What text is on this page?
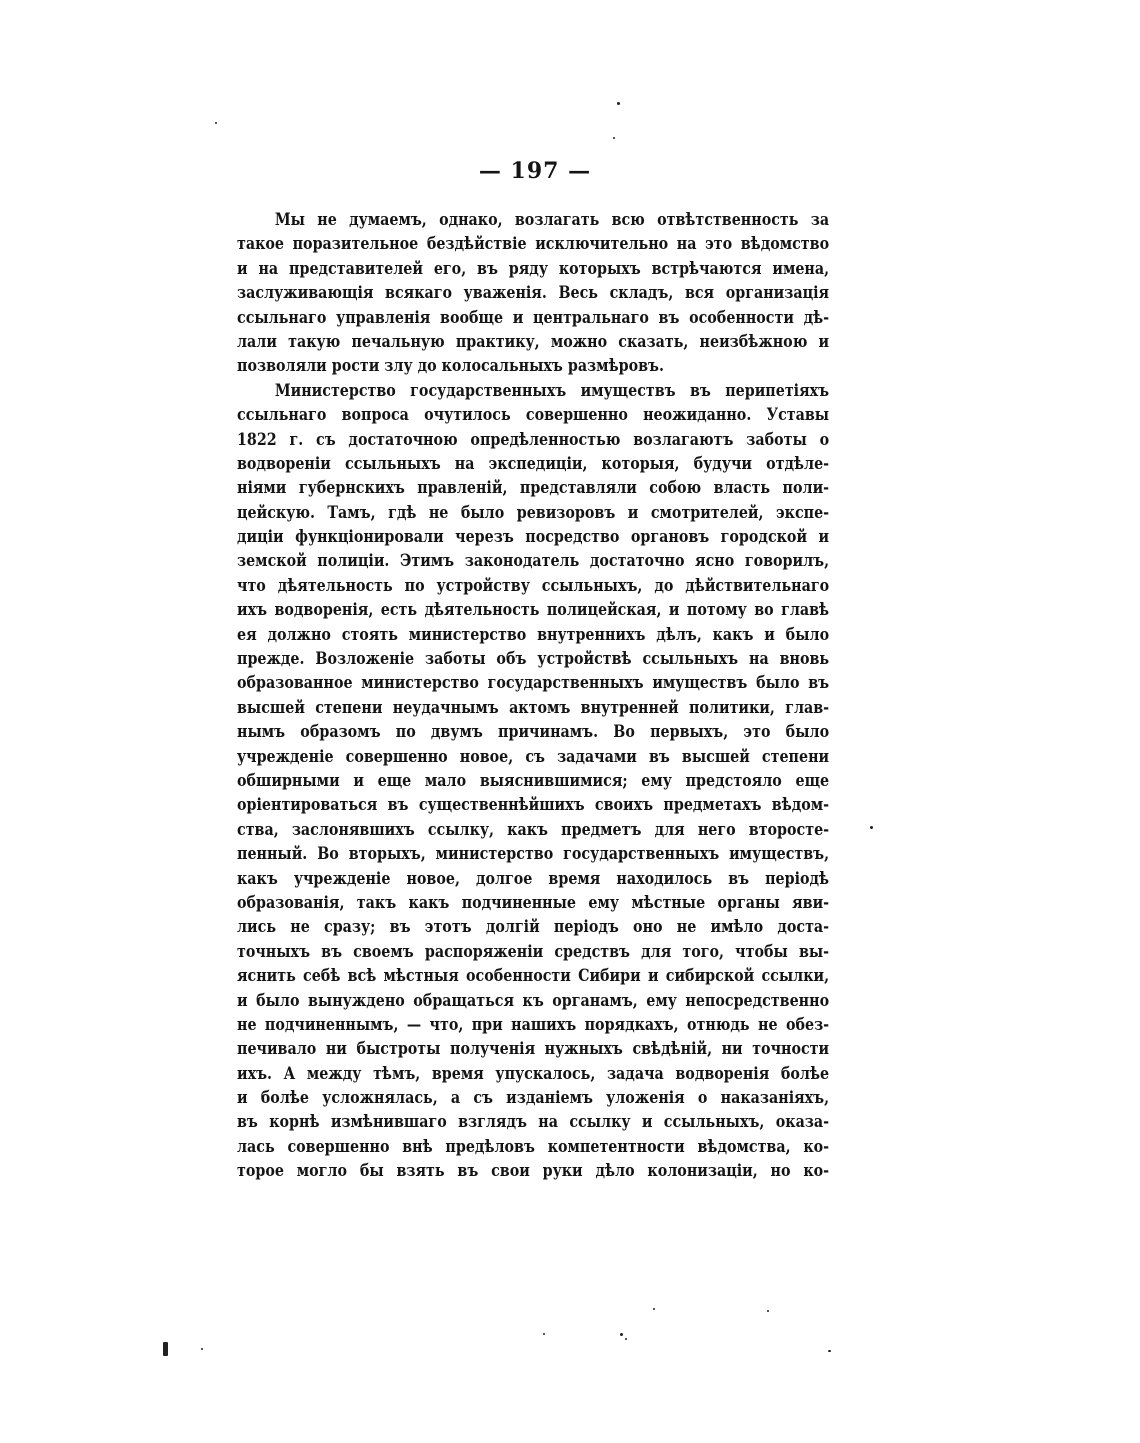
— 197 —
Мы не думаемъ, однако, возлагать всю отвѣтственность за
такое поразительное бездѣйствіе исключительно на это вѣдомство
и на представителей его, въ ряду которыхъ встрѣчаются имена,
заслуживающія всякаго уваженія. Весь складъ, вся организація
ссыльнаго управленія вообще и центральнаго въ особенности дѣ-
лали такую печальную практику, можно сказать, неизбѣжною и
позволяли рости злу до колосальныхъ размѣровъ.
Министерство государственныхъ имуществъ въ перипетіяхъ
ссыльнаго вопроса очутилось совершенно неожиданно. Уставы
1822 г. съ достаточною опредѣленностью возлагаютъ заботы о
водвореніи ссыльныхъ на экспедиціи, которыя, будучи отдѣле-
ніями губернскихъ правленій, представляли собою власть поли-
цейскую. Тамъ, гдѣ не было ревизоровъ и смотрителей, экспе-
диціи функціонировали черезъ посредство органовъ городской и
земской полиціи. Этимъ законодатель достаточно ясно говорилъ,
что дѣятельность по устройству ссыльныхъ, до дѣйствительнаго
ихъ водворенія, есть дѣятельность полицейская, и потому во главѣ
ея должно стоять министерство внутреннихъ дѣлъ, какъ и было
прежде. Возложеніе заботы объ устройствѣ ссыльныхъ на вновь
образованное министерство государственныхъ имуществъ было въ
высшей степени неудачнымъ актомъ внутренней политики, глав-
нымъ образомъ по двумъ причинамъ. Во первыхъ, это было
учрежденіе совершенно новое, съ задачами въ высшей степени
обширными и еще мало выяснившимися; ему предстояло еще
оріентироваться въ существеннѣйшихъ своихъ предметахъ вѣдом-
ства, заслонявшихъ ссылку, какъ предметъ для него второсте-
пенный. Во вторыхъ, министерство государственныхъ имуществъ,
какъ учрежденіе новое, долгое время находилось въ періодѣ
образованія, такъ какъ подчиненные ему мѣстные органы яви-
лись не сразу; въ этотъ долгій періодъ оно не имѣло доста-
точныхъ въ своемъ распоряженіи средствъ для того, чтобы вы-
яснить себѣ всѣ мѣстныя особенности Сибири и сибирской ссылки,
и было вынуждено обращаться къ органамъ, ему непосредственно
не подчиненнымъ, — что, при нашихъ порядкахъ, отнюдь не обез-
печивало ни быстроты полученія нужныхъ свѣдѣній, ни точности
ихъ. А между тѣмъ, время упускалось, задача водворенія болѣе
и болѣе усложнялась, а съ изданіемъ уложенія о наказаніяхъ,
въ корнѣ измѣнившаго взглядъ на ссылку и ссыльныхъ, оказа-
лась совершенно внѣ предѣловъ компетентности вѣдомства, ко-
торое могло бы взять въ свои руки дѣло колонизаціи, но ко-
